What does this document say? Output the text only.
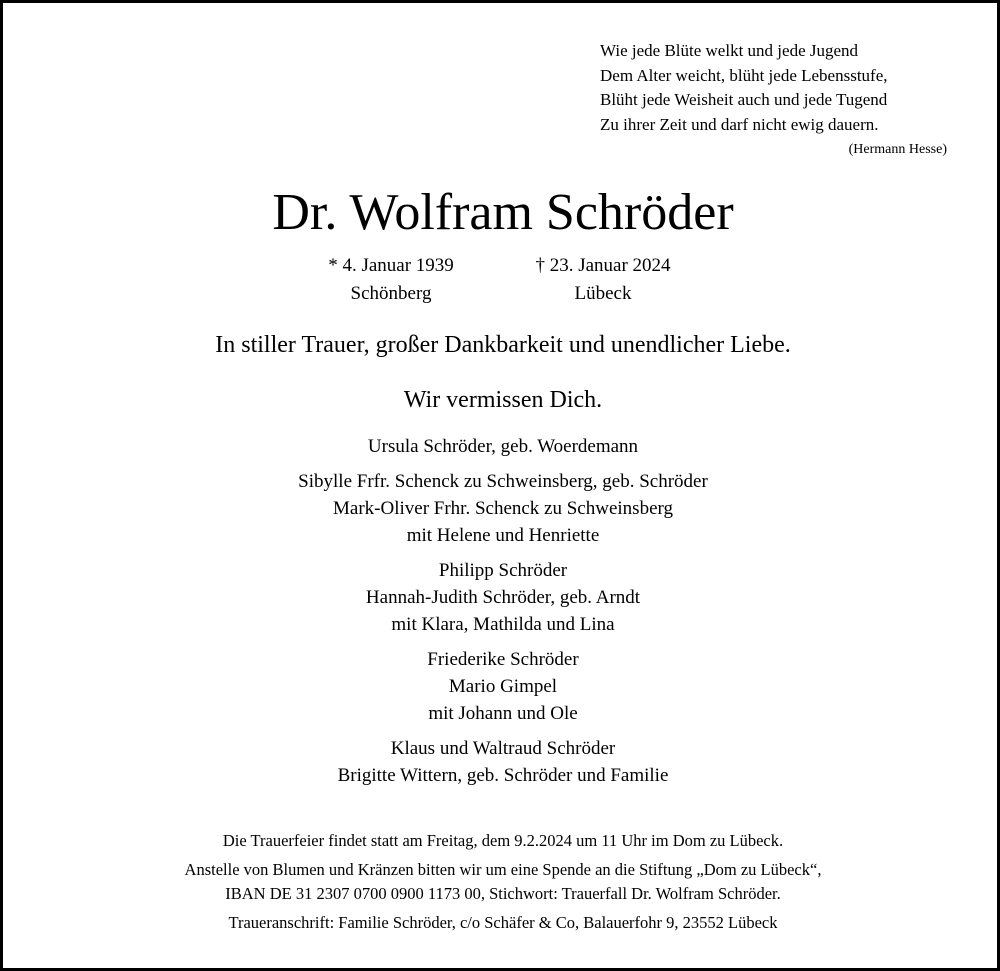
Wie jede Blüte welkt und jede Jugend
Dem Alter weicht, blüht jede Lebensstufe,
Blüht jede Weisheit auch und jede Tugend
Zu ihrer Zeit und darf nicht ewig dauern.
(Hermann Hesse)
Dr. Wolfram Schröder
* 4. Januar 1939
Schönberg
† 23. Januar 2024
Lübeck
In stiller Trauer, großer Dankbarkeit und unendlicher Liebe.
Wir vermissen Dich.
Ursula Schröder, geb. Woerdemann
Sibylle Frfr. Schenck zu Schweinsberg, geb. Schröder
Mark-Oliver Frhr. Schenck zu Schweinsberg
mit Helene und Henriette
Philipp Schröder
Hannah-Judith Schröder, geb. Arndt
mit Klara, Mathilda und Lina
Friederike Schröder
Mario Gimpel
mit Johann und Ole
Klaus und Waltraud Schröder
Brigitte Wittern, geb. Schröder und Familie
Die Trauerfeier findet statt am Freitag, dem 9.2.2024 um 11 Uhr im Dom zu Lübeck.
Anstelle von Blumen und Kränzen bitten wir um eine Spende an die Stiftung „Dom zu Lübeck“,
IBAN DE 31 2307 0700 0900 1173 00, Stichwort: Trauerfall Dr. Wolfram Schröder.
Traueranschrift: Familie Schröder, c/o Schäfer & Co, Balauerfohr 9, 23552 Lübeck
